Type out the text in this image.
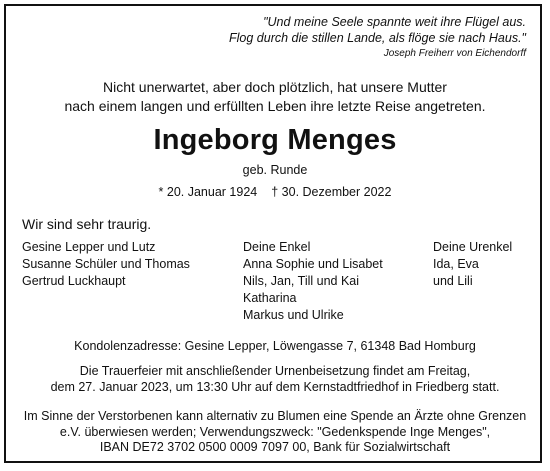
"Und meine Seele spannte weit ihre Flügel aus.
Flog durch die stillen Lande, als flöge sie nach Haus."
Joseph Freiherr von Eichendorff
Nicht unerwartet, aber doch plötzlich, hat unsere Mutter
nach einem langen und erfüllten Leben ihre letzte Reise angetreten.
Ingeborg Menges
geb. Runde
* 20. Januar 1924 † 30. Dezember 2022
Wir sind sehr traurig.
Gesine Lepper und Lutz
Susanne Schüler und Thomas
Gertrud Luckhaupt
Deine Enkel
Anna Sophie und Lisabet
Nils, Jan, Till und Kai
Katharina
Markus und Ulrike
Deine Urenkel
Ida, Eva
und Lili
Kondolenzadresse: Gesine Lepper, Löwengasse 7, 61348 Bad Homburg
Die Trauerfeier mit anschließender Urnenbeisetzung findet am Freitag,
dem 27. Januar 2023, um 13:30 Uhr auf dem Kernstadtfriedhof in Friedberg statt.
Im Sinne der Verstorbenen kann alternativ zu Blumen eine Spende an Ärzte ohne Grenzen
e.V. überwiesen werden; Verwendungszweck: "Gedenkspende Inge Menges",
IBAN DE72 3702 0500 0009 7097 00, Bank für Sozialwirtschaft
